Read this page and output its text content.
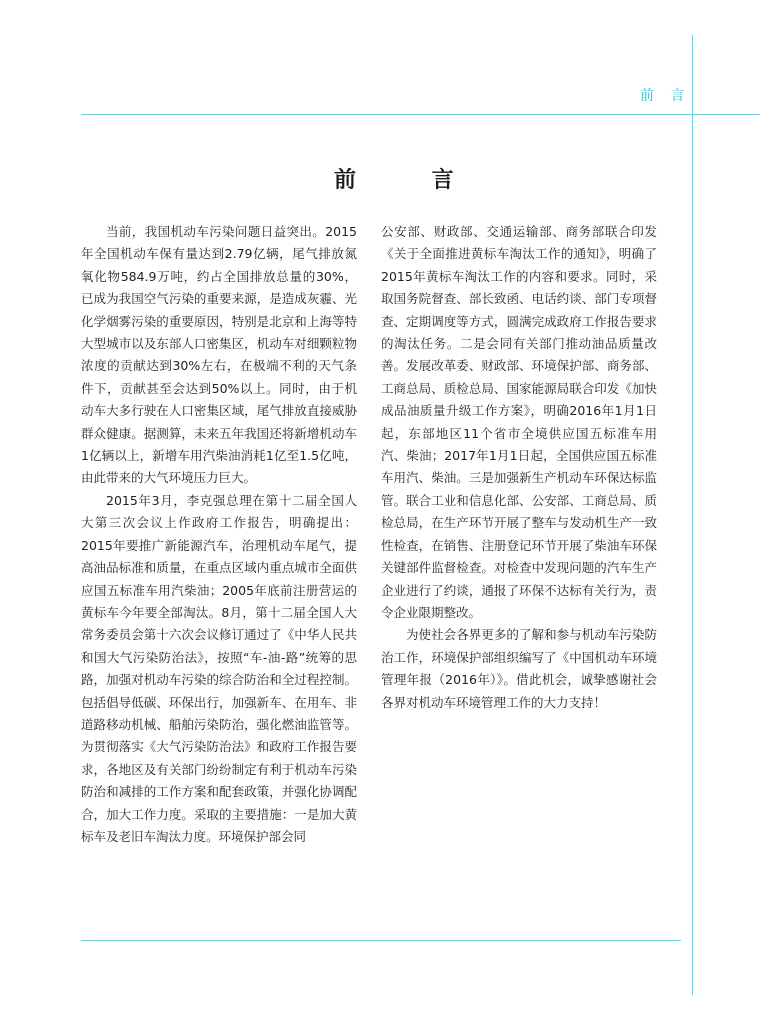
前 言
前 言

当前，我国机动车污染问题日益突出。2015年全国机动车保有量达到2.79亿辆，尾气排放氮氧化物584.9万吨，约占全国排放总量的30%，已成为我国空气污染的重要来源，是造成灰霾、光化学烟雾污染的重要原因，特别是北京和上海等特大型城市以及东部人口密集区，机动车对细颗粒物浓度的贡献达到30%左右，在极端不利的天气条件下，贡献甚至会达到50%以上。同时，由于机动车大多行驶在人口密集区域，尾气排放直接威胁群众健康。据测算，未来五年我国还将新增机动车1亿辆以上，新增车用汽柴油消耗1亿至1.5亿吨，由此带来的大气环境压力巨大。

2015年3月，李克强总理在第十二届全国人大第三次会议上作政府工作报告，明确提出：2015年要推广新能源汽车，治理机动车尾气，提高油品标准和质量，在重点区域内重点城市全面供应国五标准车用汽柴油；2005年底前注册营运的黄标车今年要全部淘汰。8月，第十二届全国人大常务委员会第十六次会议修订通过了《中华人民共和国大气污染防治法》，按照“车-油-路”统筹的思路，加强对机动车污染的综合防治和全过程控制。包括倡导低碳、环保出行，加强新车、在用车、非道路移动机械、船舶污染防治，强化燃油监管等。为贯彻落实《大气污染防治法》和政府工作报告要求，各地区及有关部门纷纷制定有利于机动车污染防治和减排的工作方案和配套政策，并强化协调配合，加大工作力度。采取的主要措施：一是加大黄标车及老旧车淘汰力度。环境保护部会同

公安部、财政部、交通运输部、商务部联合印发《关于全面推进黄标车淘汰工作的通知》，明确了2015年黄标车淘汰工作的内容和要求。同时，采取国务院督查、部长致函、电话约谈、部门专项督查、定期调度等方式，圆满完成政府工作报告要求的淘汰任务。二是会同有关部门推动油品质量改善。发展改革委、财政部、环境保护部、商务部、工商总局、质检总局、国家能源局联合印发《加快成品油质量升级工作方案》，明确2016年1月1日起，东部地区11个省市全境供应国五标准车用汽、柴油；2017年1月1日起，全国供应国五标准车用汽、柴油。三是加强新生产机动车环保达标监管。联合工业和信息化部、公安部、工商总局、质检总局，在生产环节开展了整车与发动机生产一致性检查，在销售、注册登记环节开展了柴油车环保关键部件监督检查。对检查中发现问题的汽车生产企业进行了约谈，通报了环保不达标有关行为，责令企业限期整改。

为使社会各界更多的了解和参与机动车污染防治工作，环境保护部组织编写了《中国机动车环境管理年报（2016年）》。借此机会，诚挚感谢社会各界对机动车环境管理工作的大力支持！
